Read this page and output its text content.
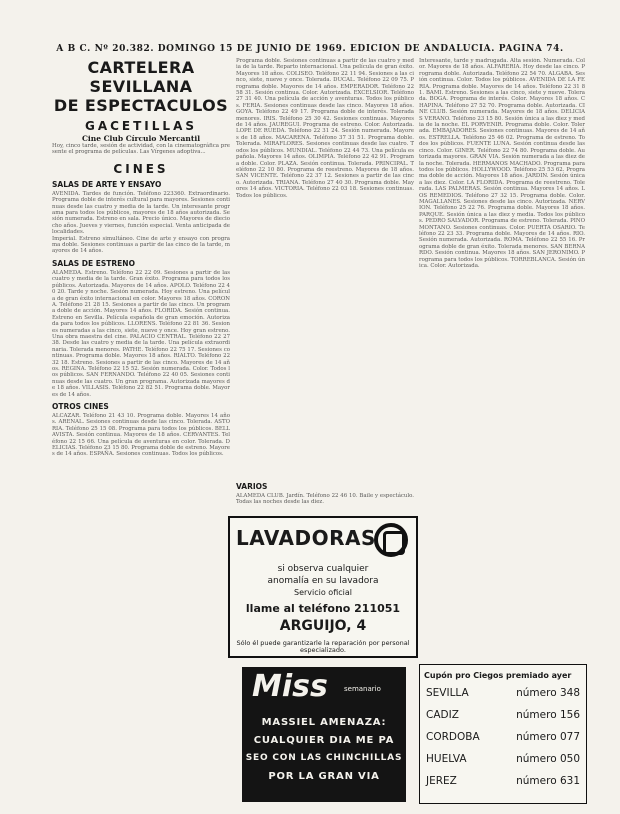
A B C. Nº 20.382. DOMINGO 15 DE JUNIO DE 1969. EDICION DE ANDALUCIA. PAGINA 74.
CARTELERA SEVILLANA
DE ESPECTACULOS
GACETILLAS
Cine Club Círculo Mercantil
Hoy, cinco tarde, sesión de actividad, con la cinematográfica presente el programa de películas. Las Vírgenes adoptiva...
CINES
SALAS DE ARTE Y ENSAYO
AVENIDA. Tardes de función. Teléfono 223360. Extraordinario. Programa doble de interés cultural para mayores. Sesiones continuas desde las cuatro y media de la tarde. Un interesante programa para todos los públicos, mayores de 18 años autorizada. Sesión numerada. Estreno en sala. Precio único. Mayores de dieciocho años. Jueves y viernes, función especial. Venta anticipada de localidades.
Imperial. Estreno simultáneo. Cine de arte y ensayo con programa doble. Sesiones continuas a partir de las cinco de la tarde, mayores de 14 años.
SALAS DE ESTRENO
ALAMEDA. Estreno. Teléfono 22 22 09. Sesiones a partir de las cuatro y media de la tarde. Gran éxito. Programa para todos los públicos. Autorizada. Mayores de 14 años. APOLO. Teléfono 22 40 20. Tarde y noche. Sesión numerada. Hoy estreno. Una película de gran éxito internacional en color. Mayores 18 años. CORONA. Teléfono 21 28 15. Sesiones a partir de las cinco. Un programa doble de acción. Mayores 14 años. FLORIDA. Sesión continua. Estreno en Sevilla. Película española de gran emoción. Autorizada para todos los públicos. LLORENS. Teléfono 22 81 36. Sesiones numeradas a las cinco, siete, nueve y once. Hoy gran estreno. Una obra maestra del cine. PALACIO CENTRAL. Teléfono 22 27 38. Desde las cuatro y media de la tarde. Una película extraordinaria. Tolerada menores. PATHE. Teléfono 22 75 17. Sesiones continuas. Programa doble. Mayores 18 años. RIALTO. Teléfono 22 32 18. Estreno. Sesiones a partir de las cinco. Mayores de 14 años. REGINA. Teléfono 22 15 52. Sesión numerada. Color. Todos los públicos. SAN FERNANDO. Teléfono 22 40 05. Sesiones continuas desde las cuatro. Un gran programa. Autorizada mayores de 18 años. VILLASIS. Teléfono 22 82 51. Programa doble. Mayores de 14 años.
OTROS CINES
ALCAZAR. Teléfono 21 43 10. Programa doble. Mayores 14 años. ARENAL. Sesiones continuas desde las cinco. Tolerada. ASTORIA. Teléfono 25 15 08. Programa para todos los públicos. BELLAVISTA. Sesión continua. Mayores de 18 años. CERVANTES. Teléfono 22 15 66. Una película de aventuras en color. Tolerada. DELICIAS. Teléfono 23 15 80. Programa doble de estreno. Mayores de 14 años. ESPAÑA. Sesiones continuas. Todos los públicos.
Programa doble. Sesiones continuas a partir de las cuatro y media de la tarde. Reparto internacional. Una película de gran éxito. Mayores 18 años. COLISEO. Teléfono 22 11 94. Sesiones a las cinco, siete, nueve y once. Tolerada. DUCAL. Teléfono 22 09 75. Programa doble. Mayores de 14 años. EMPERADOR. Teléfono 22 58 31. Sesión continua. Color. Autorizada. EXCELSIOR. Teléfono 27 31 40. Una película de acción y aventuras. Todos los públicos. FERIA. Sesiones continuas desde las cinco. Mayores 18 años. GOYA. Teléfono 22 49 17. Programa doble de interés. Tolerada menores. IRIS. Teléfono 25 30 42. Sesiones continuas. Mayores de 14 años. JAUREGUI. Programa de estreno. Color. Autorizada. LOPE DE RUEDA. Teléfono 22 31 24. Sesión numerada. Mayores de 18 años. MACARENA. Teléfono 37 31 51. Programa doble. Tolerada. MIRAFLORES. Sesiones continuas desde las cuatro. Todos los públicos. MUNDIAL. Teléfono 22 44 73. Una película española. Mayores 14 años. OLIMPIA. Teléfono 22 42 91. Programa doble. Color. PLAZA. Sesión continua. Tolerada. PRINCIPAL. Teléfono 22 10 80. Programa de reestreno. Mayores de 18 años. SAN VICENTE. Teléfono 22 37 12. Sesiones a partir de las cinco. Autorizada. TRIANA. Teléfono 27 40 30. Programa doble. Mayores 14 años. VICTORIA. Teléfono 22 03 18. Sesiones continuas. Todos los públicos.
VARIOS
ALAMEDA CLUB. Jardín. Teléfono 22 46 10. Baile y espectáculo. Todas las noches desde las diez.
LAVADORAS
si observa cualquier
anomalía en su lavadora
Servicio oficial
llame al teléfono 211051
ARGUIJO, 4
Sólo él puede garantizarle la reparación por personal especializado.
Miss semanario
MASSIEL AMENAZA:
CUALQUIER DIA ME PA
SEO CON LAS CHINCHILLAS
POR LA GRAN VIA
Interesante, tarde y madrugada. Alta sesión. Numerada. Color. Mayores de 18 años. ALFARERIA. Hoy desde las cinco. Programa doble. Autorizada. Teléfono 22 54 70. ALGABA. Sesión continua. Color. Todos los públicos. AVENIDA DE LA FERIA. Programa doble. Mayores de 14 años. Teléfono 22 31 81. BAMI. Estreno. Sesiones a las cinco, siete y nueve. Tolerada. BOGA. Programa de interés. Color. Mayores 18 años. CHAPINA. Teléfono 27 52 70. Programa doble. Autorizada. CINE CLUB. Sesión numerada. Mayores de 18 años. DELICIAS VERANO. Teléfono 23 15 80. Sesión única a las diez y media de la noche. EL PORVENIR. Programa doble. Color. Tolerada. EMBAJADORES. Sesiones continuas. Mayores de 14 años. ESTRELLA. Teléfono 25 46 02. Programa de estreno. Todos los públicos. FUENTE LUNA. Sesión continua desde las cinco. Color. GINER. Teléfono 22 74 80. Programa doble. Autorizada mayores. GRAN VIA. Sesión numerada a las diez de la noche. Tolerada. HERMANOS MACHADO. Programa para todos los públicos. HOLLYWOOD. Teléfono 25 53 62. Programa doble de acción. Mayores 18 años. JARDIN. Sesión única a las diez. Color. LA FLORIDA. Programa de reestreno. Tolerada. LAS PALMERAS. Sesión continua. Mayores 14 años. LOS REMEDIOS. Teléfono 27 32 15. Programa doble. Color. MAGALLANES. Sesiones desde las cinco. Autorizada. NERVION. Teléfono 25 22 76. Programa doble. Mayores 18 años. PARQUE. Sesión única a las diez y media. Todos los públicos. PEDRO SALVADOR. Programa de estreno. Tolerada. PINO MONTANO. Sesiones continuas. Color. PUERTA OSARIO. Teléfono 22 23 33. Programa doble. Mayores de 14 años. RIO. Sesión numerada. Autorizada. ROMA. Teléfono 22 55 16. Programa doble de gran éxito. Tolerada menores. SAN BERNARDO. Sesión continua. Mayores 18 años. SAN JERONIMO. Programa para todos los públicos. TORREBLANCA. Sesión única. Color. Autorizada.
Cupón pro Ciegos premiado ayer
SEVILLA	número 348
CADIZ	número 156
CORDOBA	número 077
HUELVA	número 050
JEREZ	número 631
